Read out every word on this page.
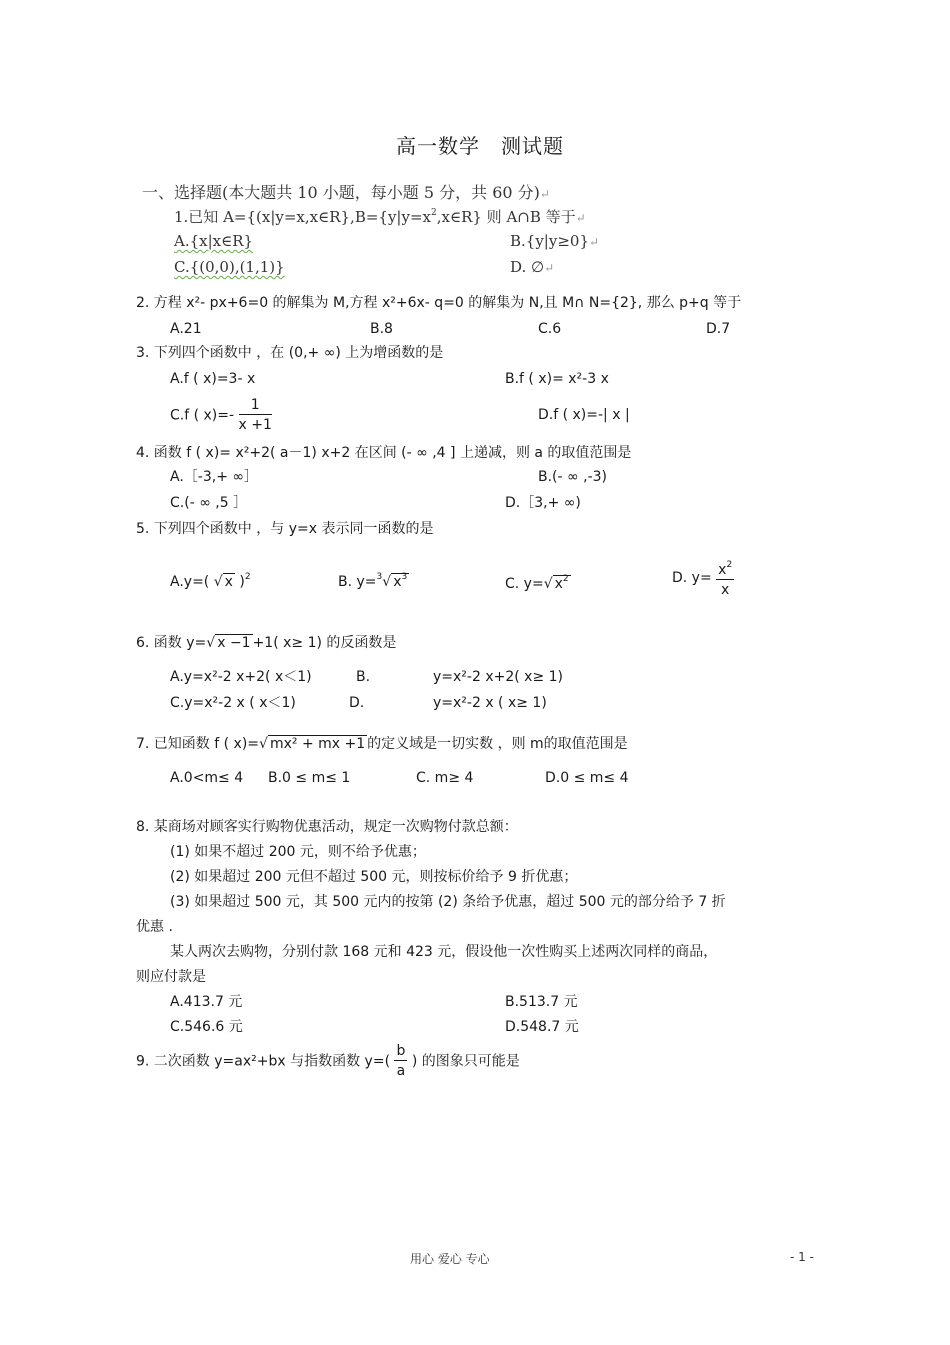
高一数学　测试题
一、选择题(本大题共 10 小题，每小题 5 分，共 60 分)↵
1.已知 $A=\{(x|y=x,x\in R\},B=\{y|y=x^2,x\in R\}$ 则 A∩B 等于↵
A.{x|x∈R}	B.{y|y≥0}↵
C.{(0,0),(1,1)}	D. ∅↵
2. 方程 x²- px+6=0 的解集为 M,方程 x²+6x- q=0 的解集为 N,且 M∩ N={2}, 那么 p+q 等于
A.21	B.8	C.6	D.7
3. 下列四个函数中 ，在 (0,+ ∞) 上为增函数的是
A.f ( x)=3- x	B.f ( x)= x²-3 x
C.f ( $x)=- \frac{1}{x +1}$	D.f ( x)=-| x |
4. 函数 f ( x)= x²+2( a－1) x+2 在区间 (- ∞ ,4 ] 上递减，则 a 的取值范围是
A.［-3,+ ∞］	B.(- ∞ ,-3)
C.(- ∞ ,5 ］	D.［3,+ ∞)
5. 下列四个函数中 ，与 y=x 表示同一函数的是
A.y=( √ x )$^2$	B. y=$^3$√ $x^3$	C. y=√ $x^2$	D. $y= \frac{x^2}{x}$
6. 函数 y=√ x −1 +1( x≥ 1) 的反函数是
A.y=x²-2 x+2( x＜1)	B.	y=x²-2 x+2( x≥ 1)
C.y=x²-2 x ( x＜1)	D.	y=x²-2 x ( x≥ 1)
7. 已知函数 f ( x)=√ mx² + mx +1 的定义域是一切实数 ，则 m的取值范围是
A.0<m≤ 4 B.0 ≤ m≤ 1	C. m≥ 4	D.0 ≤ m≤ 4
8. 某商场对顾客实行购物优惠活动，规定一次购物付款总额：
(1) 如果不超过 200 元，则不给予优惠；
(2) 如果超过 200 元但不超过 500 元，则按标价给予 9 折优惠；
(3) 如果超过 500 元，其 500 元内的按第 (2) 条给予优惠，超过 500 元的部分给予 7 折
优惠 .
某人两次去购物，分别付款 168 元和 423 元，假设他一次性购买上述两次同样的商品，
则应付款是
A.413.7 元	B.513.7 元
C.546.6 元	D.548.7 元
9. 二次函数 y=ax²+bx 与指数函数 $y=( \frac{b}{a}$ ) 的图象只可能是
用心 爱心 专心	- 1 -
